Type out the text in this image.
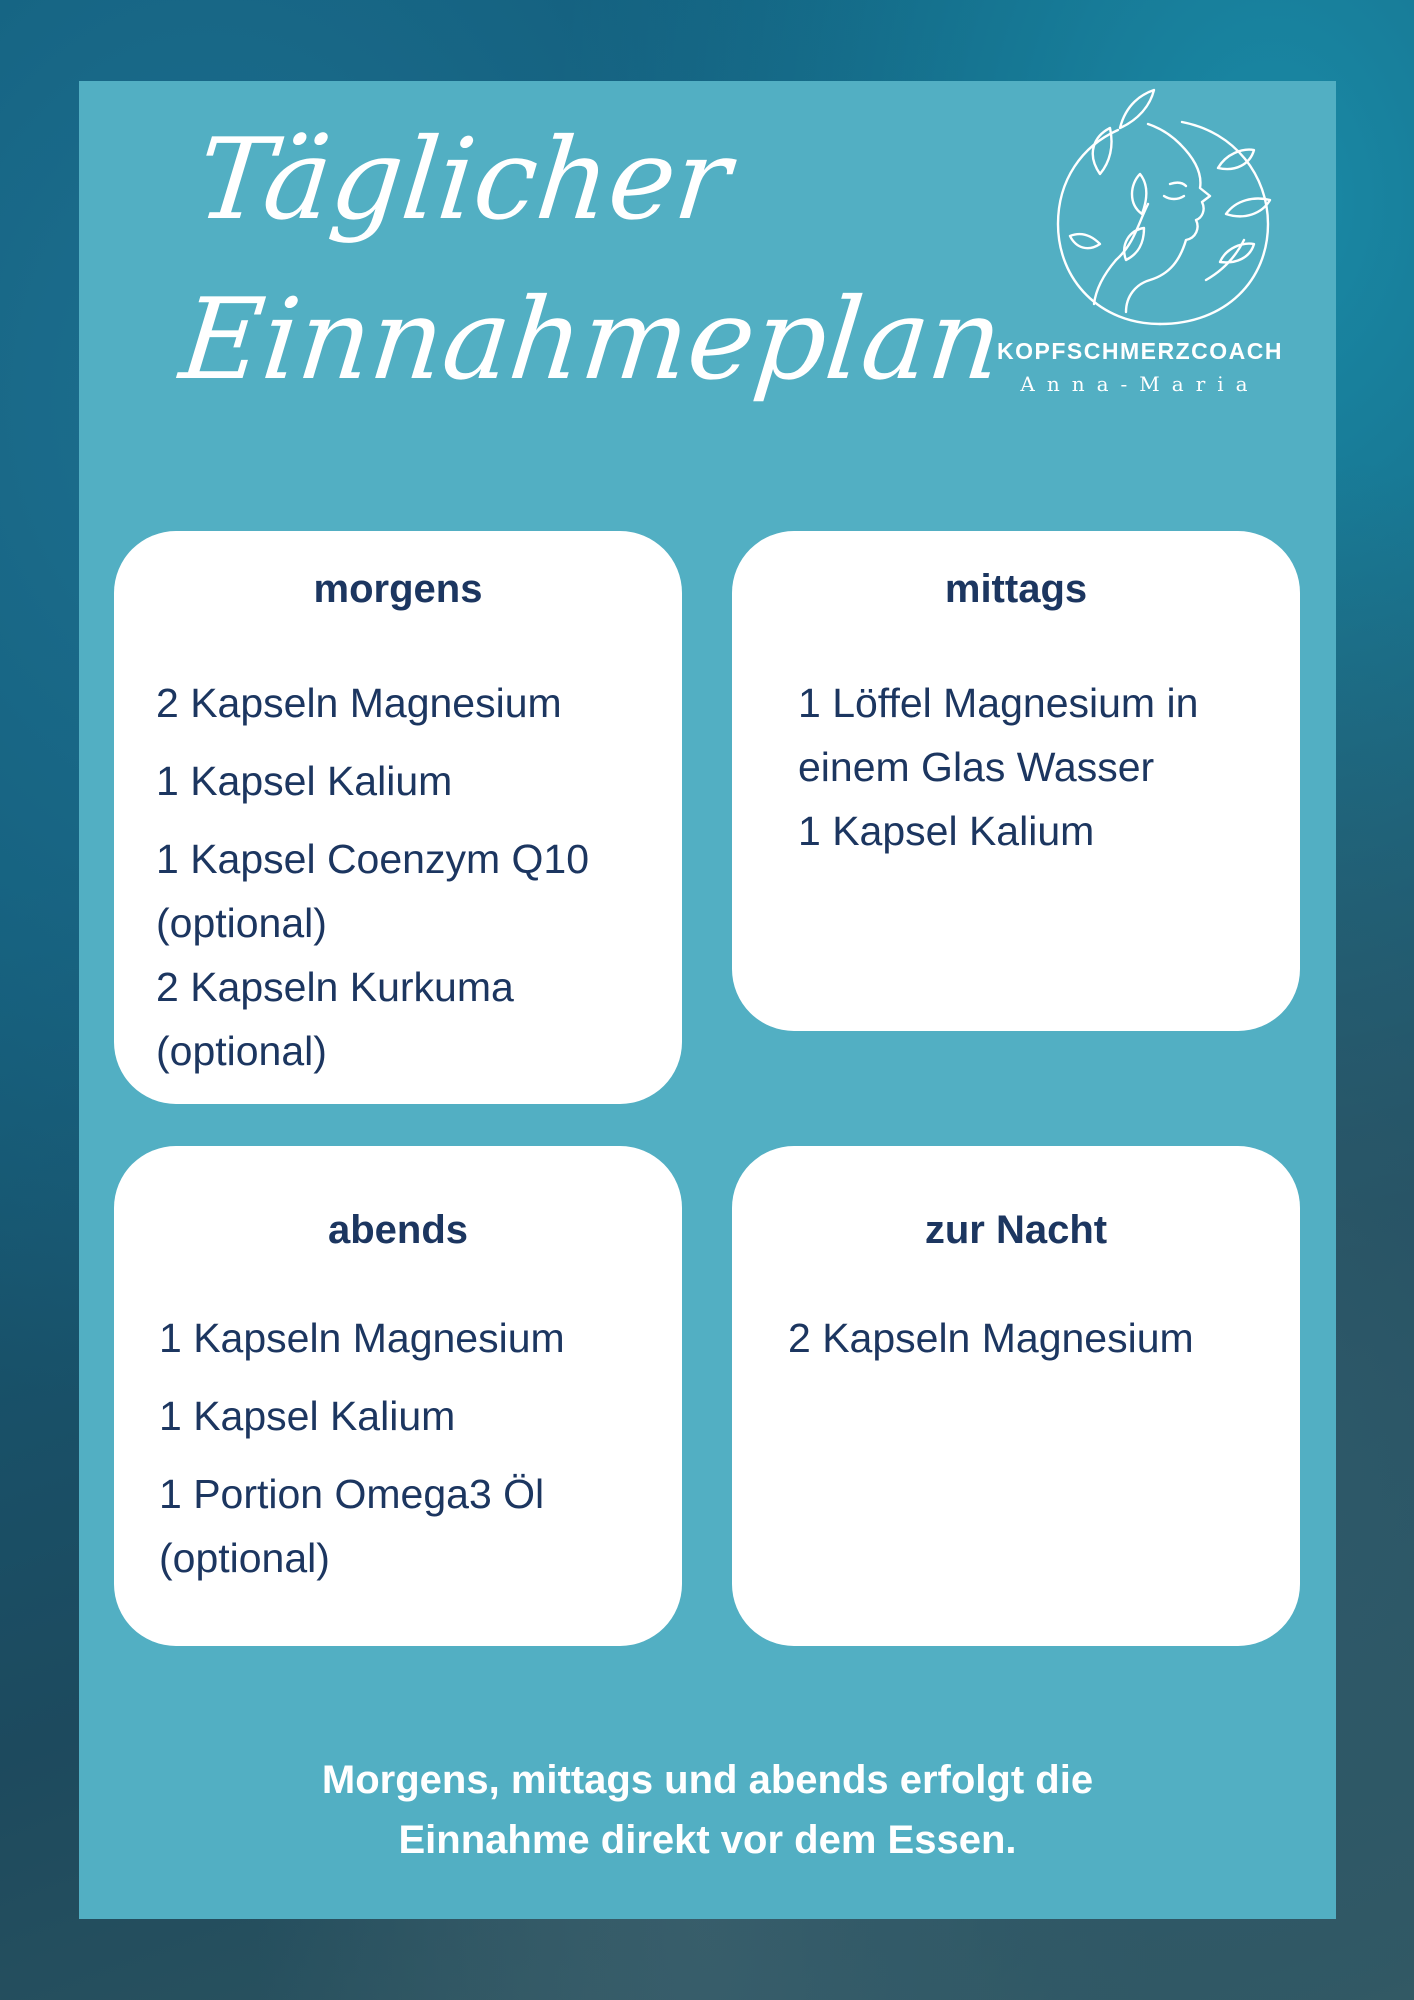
Täglicher
Einnahmeplan
KOPFSCHMERZCOACH
Anna-Maria
morgens
2 Kapseln Magnesium
1 Kapsel Kalium
1 Kapsel Coenzym Q10 (optional)
2 Kapseln Kurkuma (optional)
mittags
1 Löffel Magnesium in einem Glas Wasser
1 Kapsel Kalium
abends
1 Kapseln Magnesium
1 Kapsel Kalium
1 Portion Omega3 Öl (optional)
zur Nacht
2 Kapseln Magnesium
Morgens, mittags und abends erfolgt die
Einnahme direkt vor dem Essen.
